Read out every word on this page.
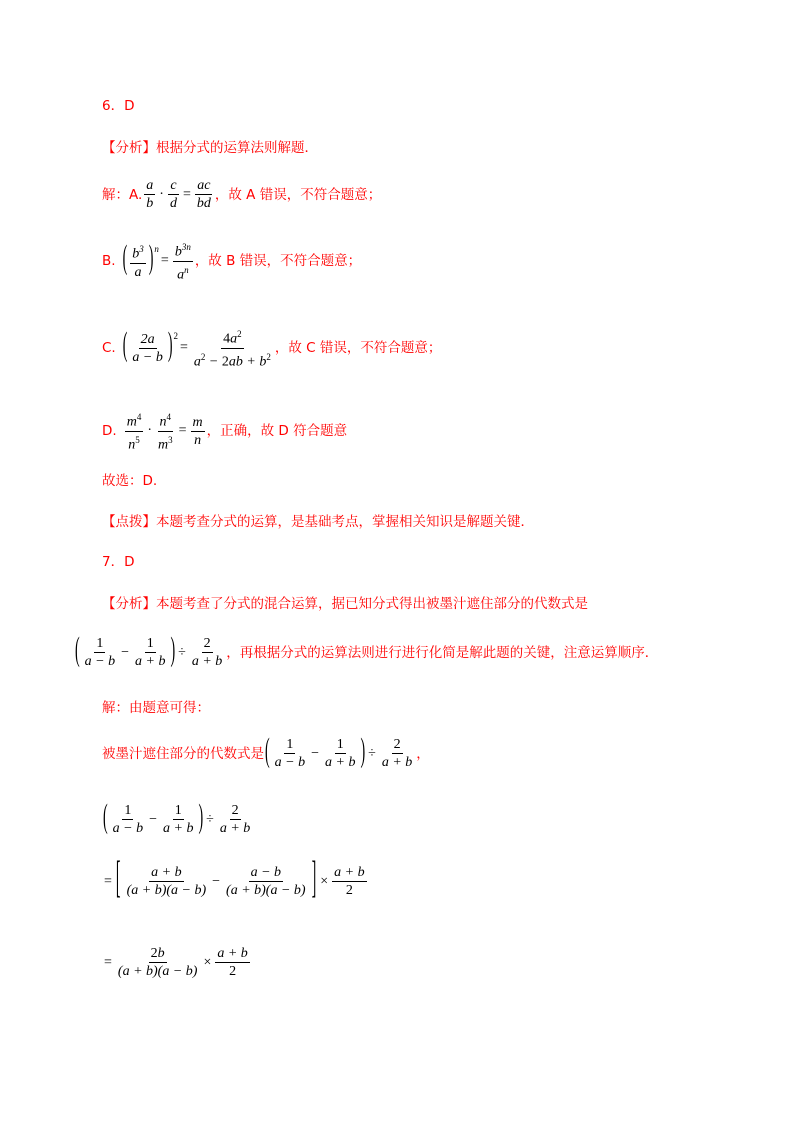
6．D
【分析】根据分式的运算法则解题．
解：A. $\frac{a}{b} \cdot \frac{c}{d} = \frac{ac}{bd}$ ，故 A 错误，不符合题意；
B. ( $\frac{b^3}{a} )^n$
= $\frac{b^{3n}}{a^n}$ ，故 B 错误，不符合题意；
C. ( $\frac{2a}{a - b}$ ) $^2$
= $\frac{4a^2}{a^2 - 2ab + b^2}$ ，故 C 错误，不符合题意；
D. $\frac{m^4}{n^5} \cdot \frac{n^4}{m^3} = \frac{m}{n}$ ，正确，故 D 符合题意
故选：D.
【点拨】本题考查分式的运算，是基础考点，掌握相关知识是解题关键．
7．D
【分析】本题考查了分式的混合运算，据已知分式得出被墨汁遮住部分的代数式是
( $\frac{1}{a - b} - \frac{1}{a + b}$ ) ÷ $\frac{2}{a + b}$ ，再根据分式的运算法则进行进行化简是解此题的关键，注意运算顺序．
解：由题意可得：
被墨汁遮住部分的代数式是 ( $\frac{1}{a - b} - \frac{1}{a + b}$ ) ÷ $\frac{2}{a + b}$ ，
( $\frac{1}{a - b} - \frac{1}{a + b}$ ) ÷ $\frac{2}{a + b}$
= [ $\frac{a + b}{(a + b)(a - b)} - \frac{a - b}{(a + b)(a - b)}$ ] × $\frac{a + b}{2}$
= $\frac{2b}{(a + b)(a - b)} \times \frac{a + b}{2}$
